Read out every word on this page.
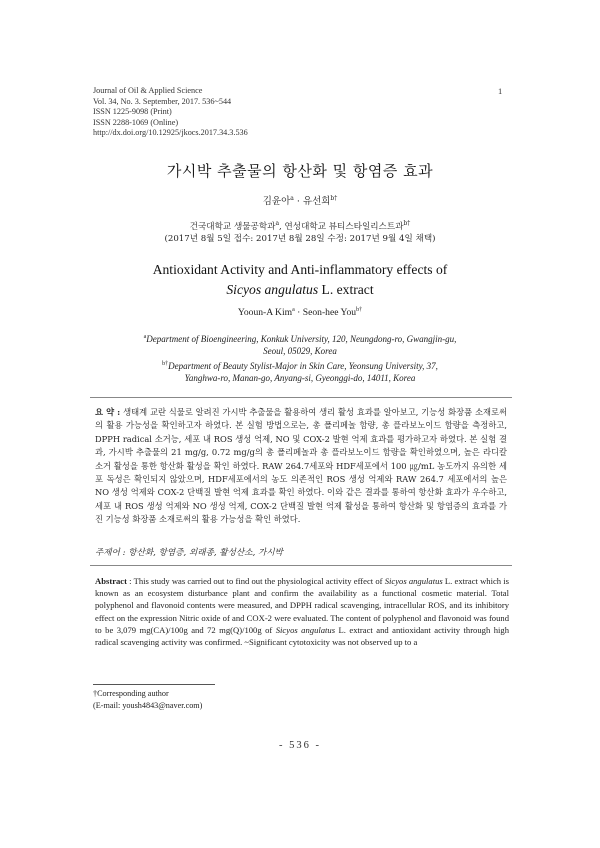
Journal of Oil & Applied Science
Vol. 34, No. 3. September, 2017. 536~544
ISSN 1225-9098 (Print)
ISSN 2288-1069 (Online)
http://dx.doi.org/10.12925/jkocs.2017.34.3.536
1
가시박 추출물의 항산화 및 항염증 효과
김윤아$^a$ · 유선희$^{b\dagger}$
건국대학교 생물공학과$^a$, 연성대학교 뷰티스타일리스트과$^{b\dagger}$
(2017년 8월 5일 접수: 2017년 8월 28일 수정: 2017년 9월 4일 채택)
Antioxidant Activity and Anti-inflammatory effects of
Sicyos angulatus L. extract
Yooun-A Kim$^a$ · Seon-hee You$^{b\dagger}$
$^a$Department of Bioengineering, Konkuk University, 120, Neungdong-ro, Gwangjin-gu,
Seoul, 05029, Korea
$^{b\dagger}$Department of Beauty Stylist-Major in Skin Care, Yeonsung University, 37,
Yanghwa-ro, Manan-go, Anyang-si, Gyeonggi-do, 14011, Korea
요 약 : 생태계 교란 식물로 알려진 가시박 추출물을 활용하여 생리 활성 효과를 알아보고, 기능성 화장품 소재로써의 활용 가능성을 확인하고자 하였다. 본 실험 방법으로는, 총 폴리페놀 함량, 총 플라보노이드 함량을 측정하고, DPPH radical 소거능, 세포 내 ROS 생성 억제, NO 및 COX-2 발현 억제 효과를 평가하고자 하였다. 본 실험 결과, 가시박 추출물의 21 mg/g, 0.72 mg/g의 총 폴리페놀과 총 플라보노이드 함량을 확인하였으며, 높은 라디칼 소거 활성을 통한 항산화 활성을 확인 하였다. RAW 264.7세포와 HDF세포에서 100 ㎍/mL 농도까지 유의한 세포 독성은 확인되지 않았으며, HDF세포에서의 농도 의존적인 ROS 생성 억제와 RAW 264.7 세포에서의 높은 NO 생성 억제와 COX-2 단백질 발현 억제 효과를 확인 하였다. 이와 같은 결과를 통하여 항산화 효과가 우수하고, 세포 내 ROS 생성 억제와 NO 생성 억제, COX-2 단백질 발현 억제 활성을 통하여 항산화 및 항염증의 효과를 가진 기능성 화장품 소재로써의 활용 가능성을 확인 하였다.
주제어 : 항산화, 항염증, 외래종, 활성산소, 가시박
Abstract : This study was carried out to find out the physiological activity effect of Sicyos angulatus L. extract which is known as an ecosystem disturbance plant and confirm the availability as a functional cosmetic material. Total polyphenol and flavonoid contents were measured, and DPPH radical scavenging, intracellular ROS, and its inhibitory effect on the expression Nitric oxide of and COX-2 were evaluated. The content of polyphenol and flavonoid was found to be 3,079 mg(CA)/100g and 72 mg(Q)/100g of Sicyos angulatus L. extract and antioxidant activity through high radical scavenging activity was confirmed. ~Significant cytotoxicity was not observed up to a
†Corresponding author
(E-mail: yoush4843@naver.com)
- 536 -
